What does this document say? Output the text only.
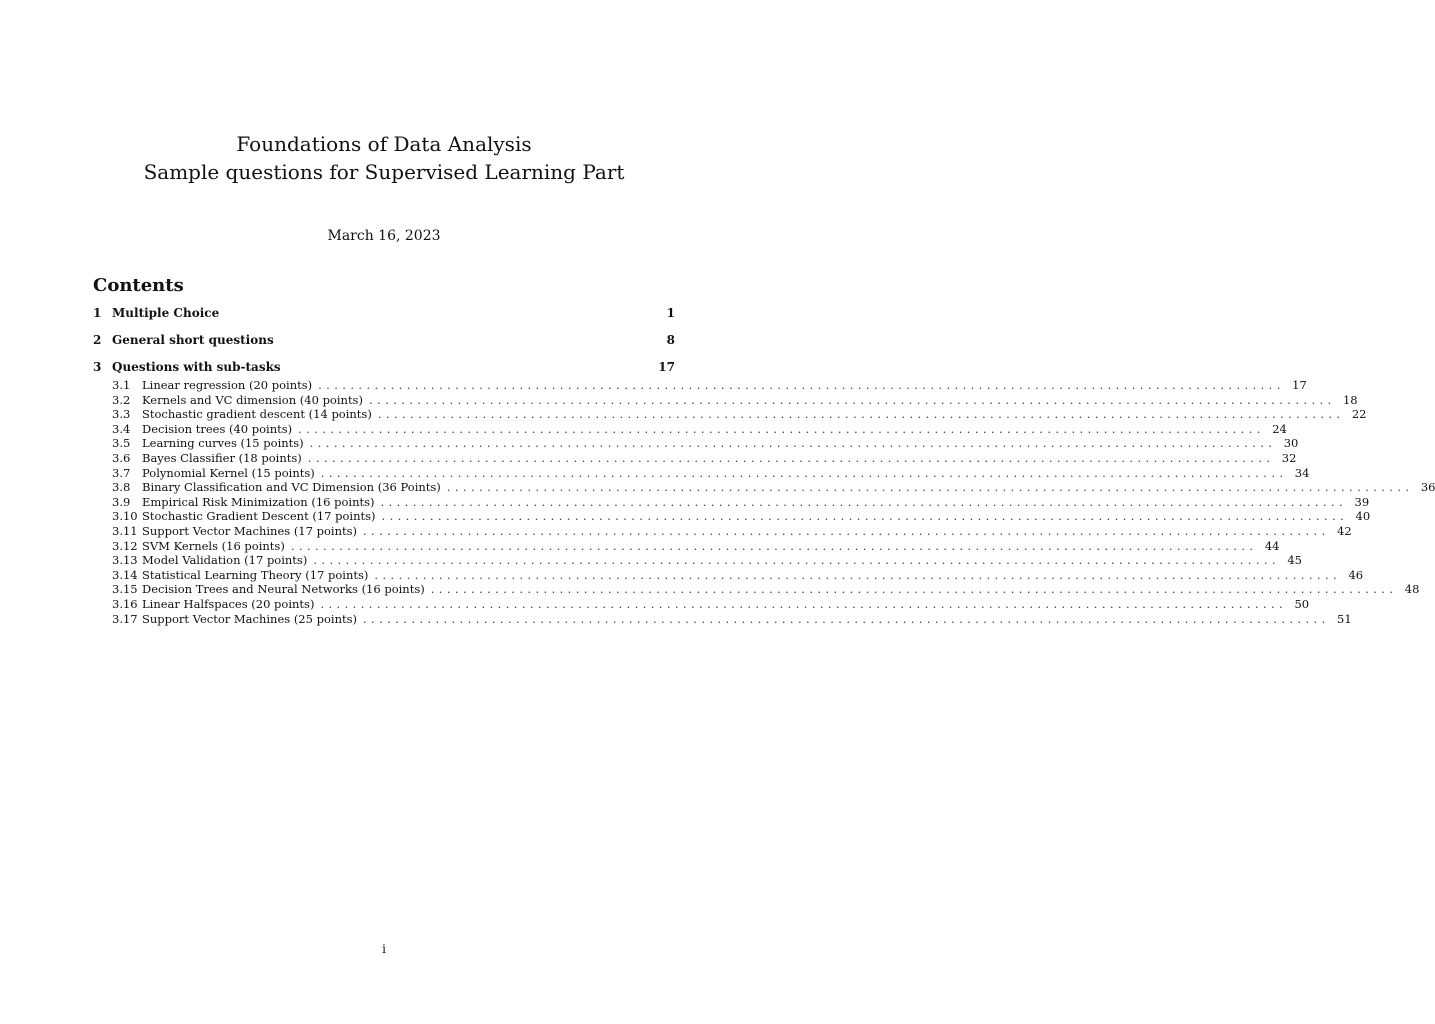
Foundations of Data Analysis
Sample questions for Supervised Learning Part
March 16, 2023
Contents
1 Multiple Choice	1
2 General short questions	8
3 Questions with sub-tasks	17
3.1	Linear regression (20 points) ........................................................................................................................ 17
3.2	Kernels and VC dimension (40 points) ........................................................................................................................ 18
3.3	Stochastic gradient descent (14 points) ........................................................................................................................ 22
3.4	Decision trees (40 points) ........................................................................................................................ 24
3.5	Learning curves (15 points) ........................................................................................................................ 30
3.6	Bayes Classifier (18 points) ........................................................................................................................ 32
3.7	Polynomial Kernel (15 points) ........................................................................................................................ 34
3.8	Binary Classification and VC Dimension (36 Points) ........................................................................................................................ 36
3.9	Empirical Risk Minimization (16 points) ........................................................................................................................ 39
3.10 Stochastic Gradient Descent (17 points) ........................................................................................................................ 40
3.11 Support Vector Machines (17 points) ........................................................................................................................ 42
3.12 SVM Kernels (16 points) ........................................................................................................................ 44
3.13 Model Validation (17 points) ........................................................................................................................ 45
3.14 Statistical Learning Theory (17 points) ........................................................................................................................ 46
3.15 Decision Trees and Neural Networks (16 points) ........................................................................................................................ 48
3.16 Linear Halfspaces (20 points) ........................................................................................................................ 50
3.17 Support Vector Machines (25 points) ........................................................................................................................ 51
i
